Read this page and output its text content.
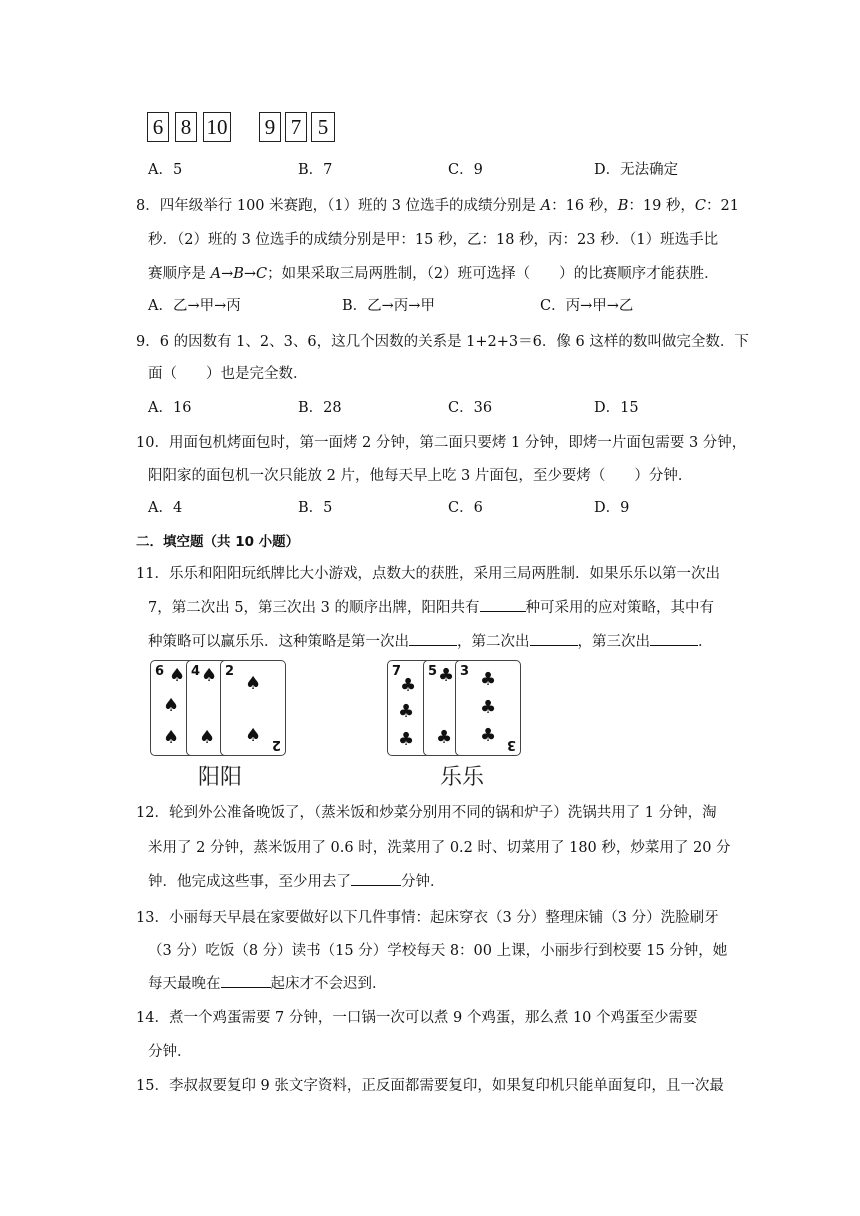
6 8 10 9 7 5
A．5	B．7	C．9	D．无法确定
8．四年级举行 100 米赛跑，（1）班的 3 位选手的成绩分别是 A：16 秒，B：19 秒，C：21
秒．（2）班的 3 位选手的成绩分别是甲：15 秒，乙：18 秒，丙：23 秒．（1）班选手比
赛顺序是 A→B→C；如果采取三局两胜制，（2）班可选择（　　）的比赛顺序才能获胜．
A．乙→甲→丙	B．乙→丙→甲	C．丙→甲→乙
9．6 的因数有 1、2、3、6，这几个因数的关系是 1+2+3＝6．像 6 这样的数叫做完全数．下
面（　　）也是完全数．
A．16	B．28	C．36	D．15
10．用面包机烤面包时，第一面烤 2 分钟，第二面只要烤 1 分钟，即烤一片面包需要 3 分钟，
阳阳家的面包机一次只能放 2 片，他每天早上吃 3 片面包，至少要烤（　　）分钟．
A．4	B．5	C．6	D．9
二．填空题（共 10 小题）
11．乐乐和阳阳玩纸牌比大小游戏，点数大的获胜，采用三局两胜制．如果乐乐以第一次出
7，第二次出 5，第三次出 3 的顺序出牌，阳阳共有	种可采用的应对策略，其中有
种策略可以赢乐乐．这种策略是第一次出	，第二次出	，第三次出	．
6 ♠
♠
♠
4 ♠
♠
2
♠
♠ 2
阳阳
7
♣
♣
♣
5 ♣
♣
3 ♣
♣
♣ 3
乐乐
12．轮到外公准备晚饭了，（蒸米饭和炒菜分别用不同的锅和炉子）洗锅共用了 1 分钟，淘
米用了 2 分钟，蒸米饭用了 0.6 时，洗菜用了 0.2 时、切菜用了 180 秒，炒菜用了 20 分
钟．他完成这些事，至少用去了	分钟．
13．小丽每天早晨在家要做好以下几件事情：起床穿衣（3 分）整理床铺（3 分）洗脸刷牙
（3 分）吃饭（8 分）读书（15 分）学校每天 8：00 上课，小丽步行到校要 15 分钟，她
每天最晚在	起床才不会迟到．
14．煮一个鸡蛋需要 7 分钟，一口锅一次可以煮 9 个鸡蛋，那么煮 10 个鸡蛋至少需要
分钟．
15．李叔叔要复印 9 张文字资料，正反面都需要复印，如果复印机只能单面复印，且一次最
